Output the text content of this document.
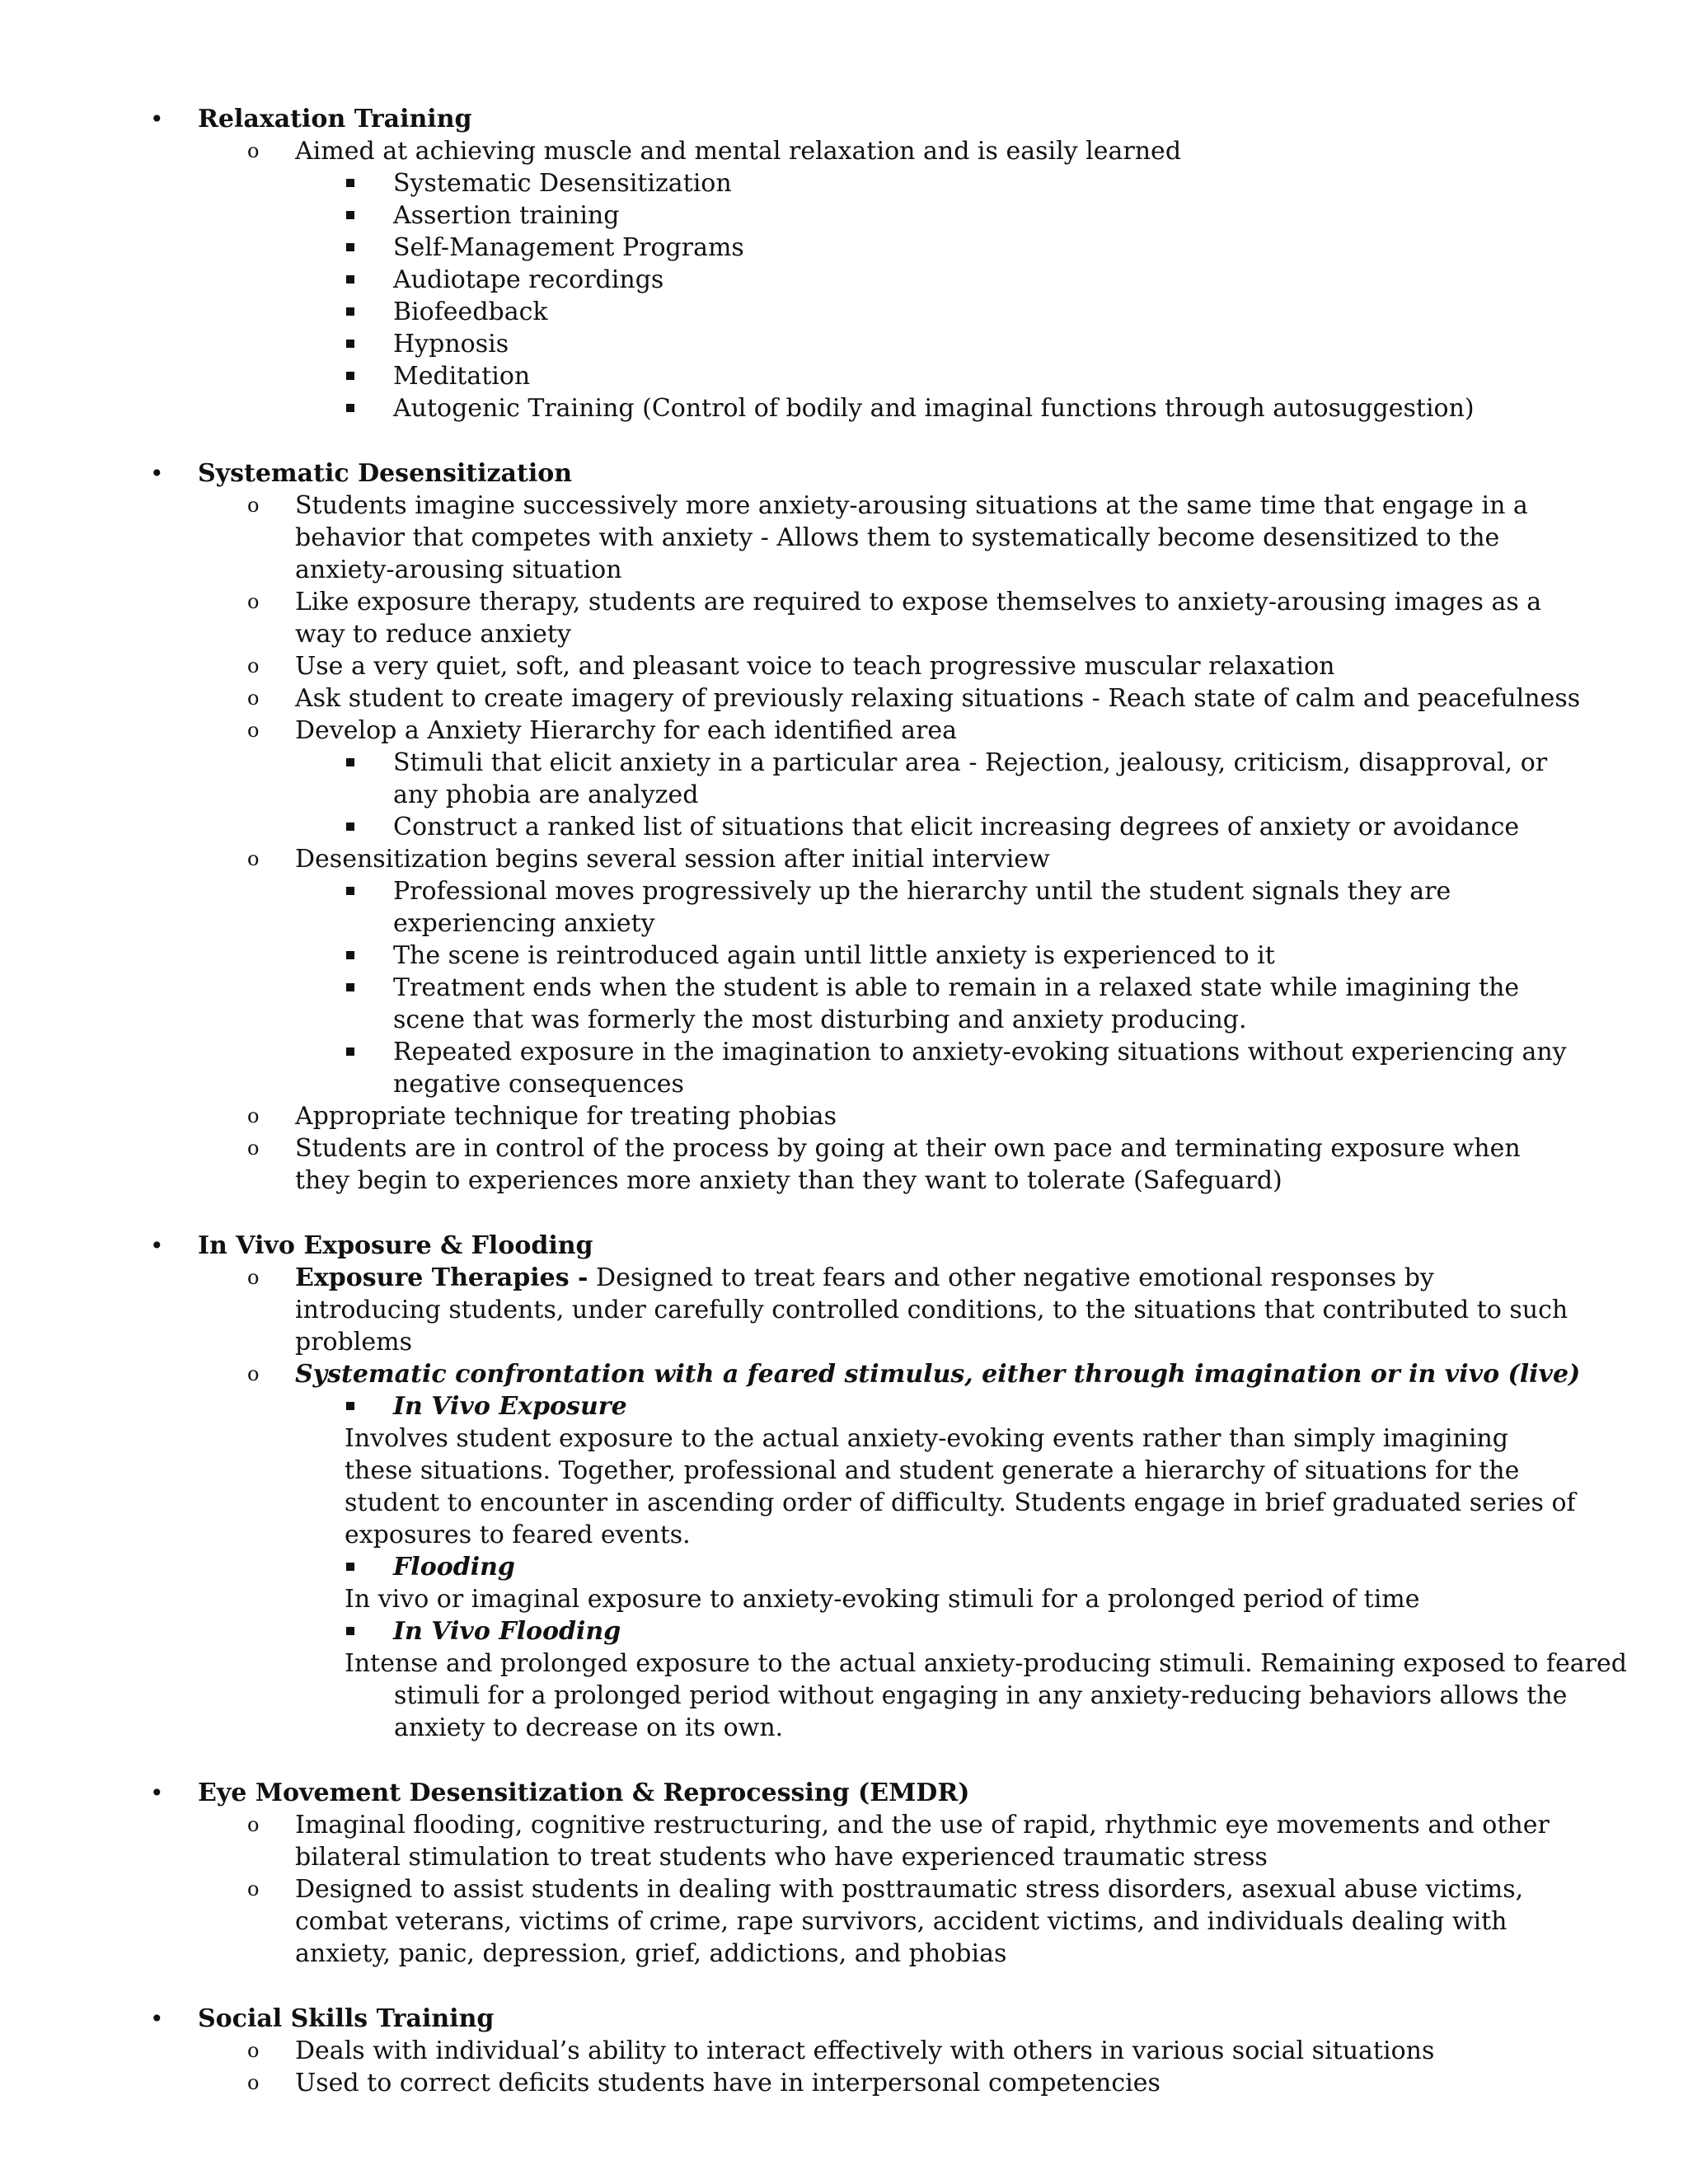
• Relaxation Training

o Aimed at achieving muscle and mental relaxation and is easily learned

Systematic Desensitization

Assertion training

Self-Management Programs

Audiotape recordings

Biofeedback

Hypnosis

Meditation

Autogenic Training (Control of bodily and imaginal functions through autosuggestion)

• Systematic Desensitization

o Students imagine successively more anxiety-arousing situations at the same time that engage in a behavior that competes with anxiety - Allows them to systematically become desensitized to the anxiety-arousing situation

o Like exposure therapy, students are required to expose themselves to anxiety-arousing images as a way to reduce anxiety

o Use a very quiet, soft, and pleasant voice to teach progressive muscular relaxation

o Ask student to create imagery of previously relaxing situations - Reach state of calm and peacefulness

o Develop a Anxiety Hierarchy for each identified area

Stimuli that elicit anxiety in a particular area - Rejection, jealousy, criticism, disapproval, or any phobia are analyzed

Construct a ranked list of situations that elicit increasing degrees of anxiety or avoidance

o Desensitization begins several session after initial interview

Professional moves progressively up the hierarchy until the student signals they are experiencing anxiety

The scene is reintroduced again until little anxiety is experienced to it

Treatment ends when the student is able to remain in a relaxed state while imagining the scene that was formerly the most disturbing and anxiety producing.

Repeated exposure in the imagination to anxiety-evoking situations without experiencing any negative consequences

o Appropriate technique for treating phobias

o Students are in control of the process by going at their own pace and terminating exposure when they begin to experiences more anxiety than they want to tolerate (Safeguard)

• In Vivo Exposure & Flooding

o Exposure Therapies - Designed to treat fears and other negative emotional responses by introducing students, under carefully controlled conditions, to the situations that contributed to such problems

o Systematic confrontation with a feared stimulus, either through imagination or in vivo (live)

In Vivo Exposure

Involves student exposure to the actual anxiety-evoking events rather than simply imagining these situations. Together, professional and student generate a hierarchy of situations for the student to encounter in ascending order of difficulty. Students engage in brief graduated series of exposures to feared events.

Flooding

In vivo or imaginal exposure to anxiety-evoking stimuli for a prolonged period of time

In Vivo Flooding

Intense and prolonged exposure to the actual anxiety-producing stimuli. Remaining exposed to feared stimuli for a prolonged period without engaging in any anxiety-reducing behaviors allows the anxiety to decrease on its own.

• Eye Movement Desensitization & Reprocessing (EMDR)

o Imaginal flooding, cognitive restructuring, and the use of rapid, rhythmic eye movements and other bilateral stimulation to treat students who have experienced traumatic stress

o Designed to assist students in dealing with posttraumatic stress disorders, asexual abuse victims, combat veterans, victims of crime, rape survivors, accident victims, and individuals dealing with anxiety, panic, depression, grief, addictions, and phobias

• Social Skills Training

o Deals with individual’s ability to interact effectively with others in various social situations

o Used to correct deficits students have in interpersonal competencies
